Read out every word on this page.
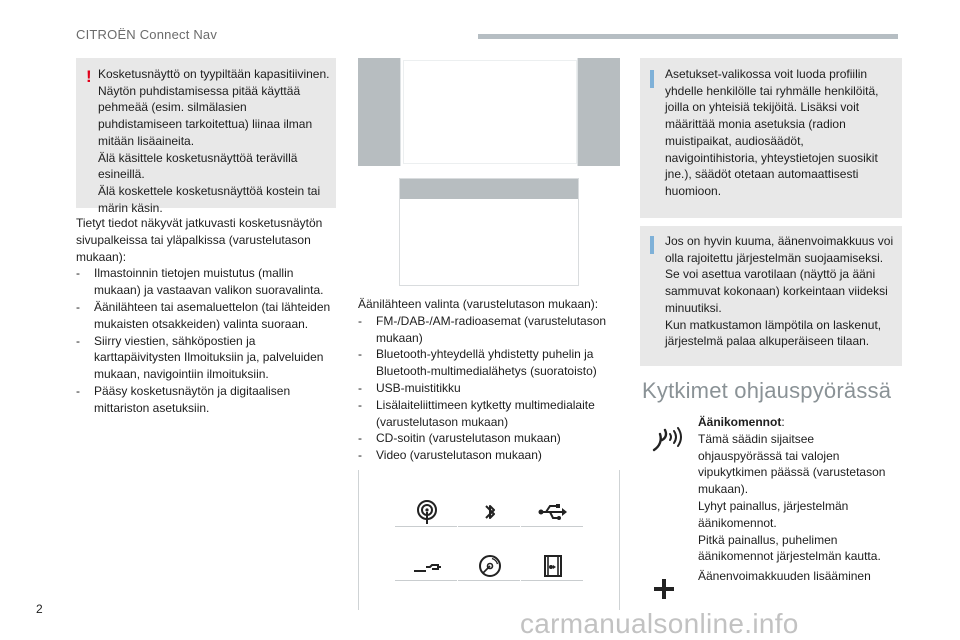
CITROËN Connect Nav
! Kosketusnäyttö on tyypiltään kapasitiivinen.
Näytön puhdistamisessa pitää käyttää pehmeää (esim. silmälasien puhdistamiseen tarkoitettua) liinaa ilman mitään lisäaineita.
Älä käsittele kosketusnäyttöä terävillä esineillä.
Älä koskettele kosketusnäyttöä kostein tai märin käsin.
Tietyt tiedot näkyvät jatkuvasti kosketusnäytön sivupalkeissa tai yläpalkissa (varustelutason mukaan):
- Ilmastoinnin tietojen muistutus (mallin mukaan) ja vastaavan valikon suoravalinta.
- Äänilähteen tai asemaluettelon (tai lähteiden mukaisten otsakkeiden) valinta suoraan.
- Siirry viestien, sähköpostien ja karttapäivitysten Ilmoituksiin ja, palveluiden mukaan, navigointiin ilmoituksiin.
- Pääsy kosketusnäytön ja digitaalisen mittariston asetuksiin.
Äänilähteen valinta (varustelutason mukaan):
- FM-/DAB-/AM-radioasemat (varustelutason mukaan)
- Bluetooth-yhteydellä yhdistetty puhelin ja Bluetooth-multimedialähetys (suoratoisto)
- USB-muistitikku
- Lisälaiteliittimeen kytketty multimedialaite (varustelutason mukaan)
- CD-soitin (varustelutason mukaan)
- Video (varustelutason mukaan)
Asetukset-valikossa voit luoda profiilin yhdelle henkilölle tai ryhmälle henkilöitä, joilla on yhteisiä tekijöitä. Lisäksi voit määrittää monia asetuksia (radion muistipaikat, audiosäädöt, navigointihistoria, yhteystietojen suosikit jne.), säädöt otetaan automaattisesti huomioon.
Jos on hyvin kuuma, äänenvoimakkuus voi olla rajoitettu järjestelmän suojaamiseksi. Se voi asettua varotilaan (näyttö ja ääni sammuvat kokonaan) korkeintaan viideksi minuutiksi.
Kun matkustamon lämpötila on laskenut, järjestelmä palaa alkuperäiseen tilaan.
Kytkimet ohjauspyörässä
Äänikomennot:
Tämä säädin sijaitsee ohjauspyörässä tai valojen vipukytkimen päässä (varustetason mukaan).
Lyhyt painallus, järjestelmän äänikomennot.
Pitkä painallus, puhelimen äänikomennot järjestelmän kautta.
Äänenvoimakkuuden lisääminen
2	carmanualsonline.info
